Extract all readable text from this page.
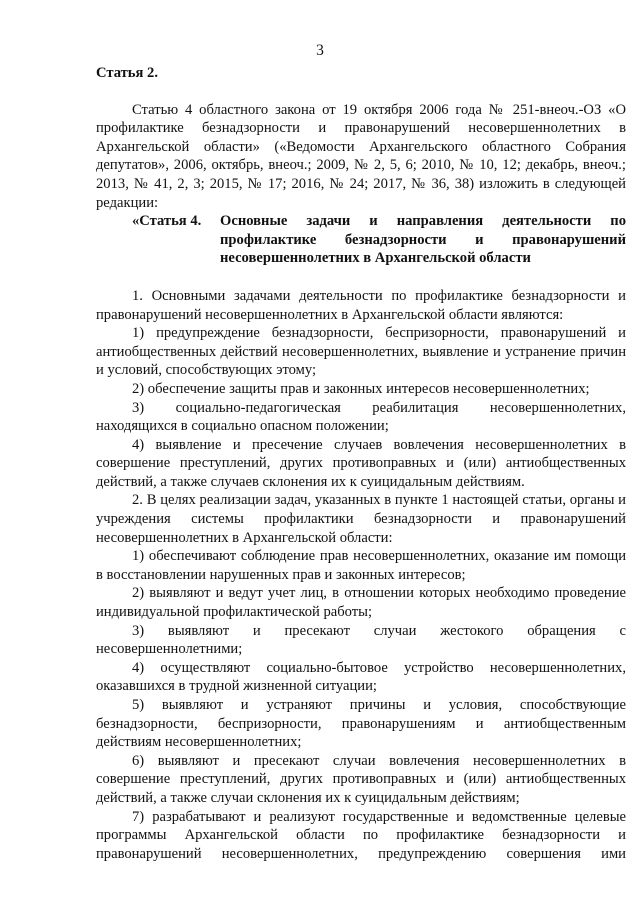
3

Статья 2.

Статью 4 областного закона от 19 октября 2006 года № 251-внеоч.-ОЗ «О профилактике безнадзорности и правонарушений несовершеннолетних в Архангельской области» («Ведомости Архангельского областного Собрания депутатов», 2006, октябрь, внеоч.; 2009, № 2, 5, 6; 2010, № 10, 12; декабрь, внеоч.; 2013, № 41, 2, 3; 2015, № 17; 2016, № 24; 2017, № 36, 38) изложить в следующей редакции:

«Статья 4.	Основные задачи и направления деятельности по профилактике безнадзорности и правонарушений несовершеннолетних в Архангельской области

1. Основными задачами деятельности по профилактике безнадзорности и правонарушений несовершеннолетних в Архангельской области являются:

1) предупреждение безнадзорности, беспризорности, правонарушений и антиобщественных действий несовершеннолетних, выявление и устранение причин и условий, способствующих этому;

2) обеспечение защиты прав и законных интересов несовершеннолетних;

3) социально-педагогическая реабилитация несовершеннолетних, находящихся в социально опасном положении;

4) выявление и пресечение случаев вовлечения несовершеннолетних в совершение преступлений, других противоправных и (или) антиобщественных действий, а также случаев склонения их к суицидальным действиям.

2. В целях реализации задач, указанных в пункте 1 настоящей статьи, органы и учреждения системы профилактики безнадзорности и правонарушений несовершеннолетних в Архангельской области:

1) обеспечивают соблюдение прав несовершеннолетних, оказание им помощи в восстановлении нарушенных прав и законных интересов;

2) выявляют и ведут учет лиц, в отношении которых необходимо проведение индивидуальной профилактической работы;

3) выявляют и пресекают случаи жестокого обращения с несовершеннолетними;

4) осуществляют социально-бытовое устройство несовершеннолетних, оказавшихся в трудной жизненной ситуации;

5) выявляют и устраняют причины и условия, способствующие безнадзорности, беспризорности, правонарушениям и антиобщественным действиям несовершеннолетних;

6) выявляют и пресекают случаи вовлечения несовершеннолетних в совершение преступлений, других противоправных и (или) антиобщественных действий, а также случаи склонения их к суицидальным действиям;

7) разрабатывают и реализуют государственные и ведомственные целевые программы Архангельской области по профилактике безнадзорности и правонарушений несовершеннолетних, предупреждению совершения ими
